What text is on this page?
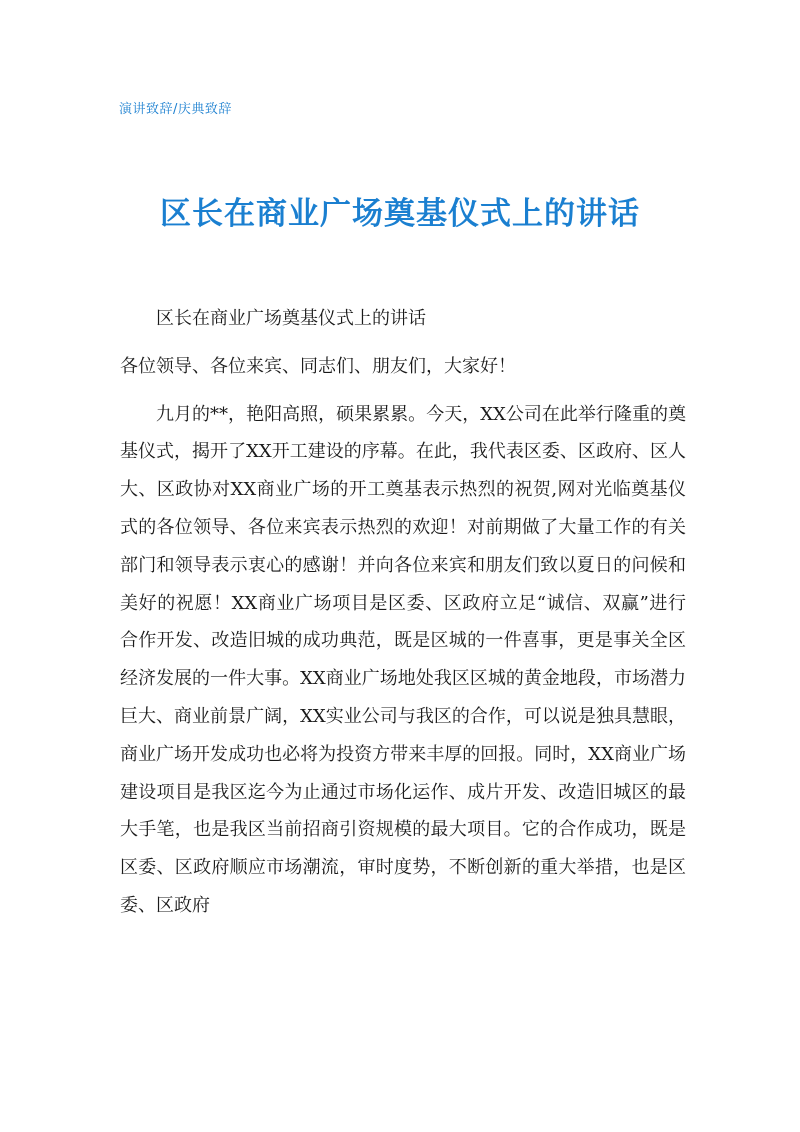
演讲致辞/庆典致辞
区长在商业广场奠基仪式上的讲话

区长在商业广场奠基仪式上的讲话

各位领导、各位来宾、同志们、朋友们，大家好！

九月的**，艳阳高照，硕果累累。今天，XX公司在此举行隆重的奠基仪式，揭开了XX开工建设的序幕。在此，我代表区委、区政府、区人大、区政协对XX商业广场的开工奠基表示热烈的祝贺,网对光临奠基仪式的各位领导、各位来宾表示热烈的欢迎！对前期做了大量工作的有关部门和领导表示衷心的感谢！并向各位来宾和朋友们致以夏日的问候和美好的祝愿！XX商业广场项目是区委、区政府立足“诚信、双赢”进行合作开发、改造旧城的成功典范，既是区城的一件喜事，更是事关全区经济发展的一件大事。XX商业广场地处我区区城的黄金地段，市场潜力巨大、商业前景广阔，XX实业公司与我区的合作，可以说是独具慧眼，商业广场开发成功也必将为投资方带来丰厚的回报。同时，XX商业广场建设项目是我区迄今为止通过市场化运作、成片开发、改造旧城区的最大手笔，也是我区当前招商引资规模的最大项目。它的合作成功，既是区委、区政府顺应市场潮流，审时度势，不断创新的重大举措，也是区委、区政府
